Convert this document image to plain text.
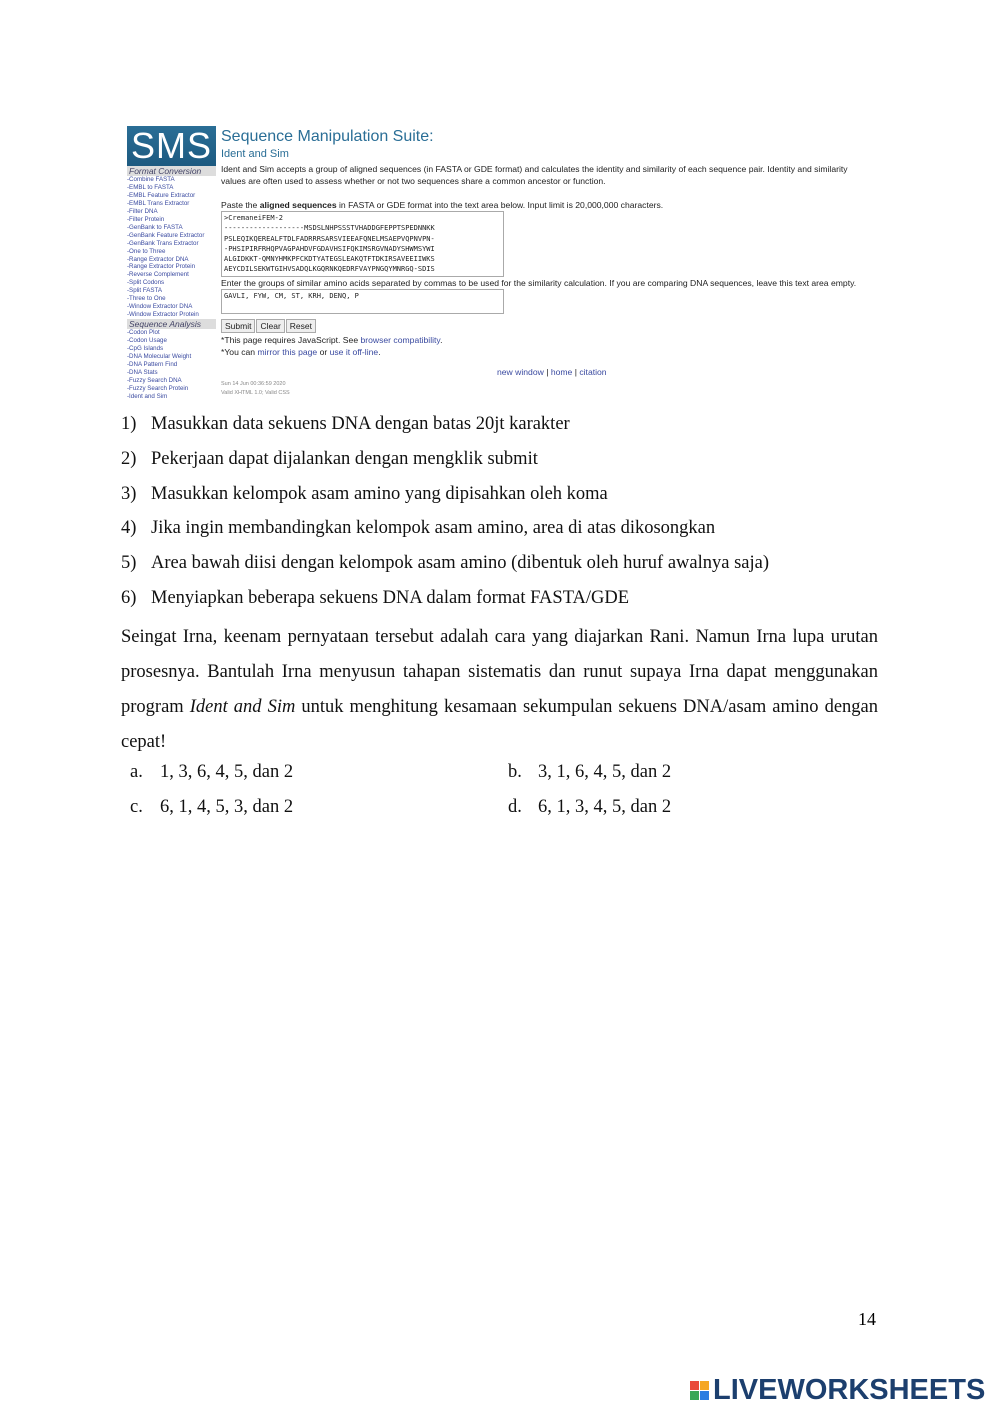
SMS
Format Conversion
-Combine FASTA
-EMBL to FASTA
-EMBL Feature Extractor
-EMBL Trans Extractor
-Filter DNA
-Filter Protein
-GenBank to FASTA
-GenBank Feature Extractor
-GenBank Trans Extractor
-One to Three
-Range Extractor DNA
-Range Extractor Protein
-Reverse Complement
-Split Codons
-Split FASTA
-Three to One
-Window Extractor DNA
-Window Extractor Protein
Sequence Analysis
-Codon Plot
-Codon Usage
-CpG Islands
-DNA Molecular Weight
-DNA Pattern Find
-DNA Stats
-Fuzzy Search DNA
-Fuzzy Search Protein
-Ident and Sim
Sequence Manipulation Suite:
Ident and Sim
Ident and Sim accepts a group of aligned sequences (in FASTA or GDE format) and calculates the identity and similarity of each sequence pair. Identity and similarity values are often used to assess whether or not two sequences share a common ancestor or function.
Paste the aligned sequences in FASTA or GDE format into the text area below. Input limit is 20,000,000 characters.
>CremaneiFEM-2
-------------------MSDSLNHPSSSTVHADDGFEPPTSPEDNNKK
PSLEQIKQEREALFTDLFADRRRSARSVIEEAFQNELMSAEPVQPNVPN-
-PHSIPIRFRHQPVAGPAHDVFGDAVHSIFQKIMSRGVNADYSHWMSYWI
ALGIDKKT-QMNYHMKPFCKDTYATEGSLEAKQTFTDKIRSAVEEIIWKS
AEYCDILSEKWTGIHVSADQLKGQRNKQEDRFVAYPNGQYMNRGQ-SDIS
Enter the groups of similar amino acids separated by commas to be used for the similarity calculation. If you are comparing DNA sequences, leave this text area empty.
GAVLI, FYW, CM, ST, KRH, DENQ, P
Submit Clear Reset
*This page requires JavaScript. See browser compatibility.
*You can mirror this page or use it off-line.
new window | home | citation
Sun 14 Jun 00:36:59 2020
Valid XHTML 1.0; Valid CSS
1) Masukkan data sekuens DNA dengan batas 20jt karakter
2) Pekerjaan dapat dijalankan dengan mengklik submit
3) Masukkan kelompok asam amino yang dipisahkan oleh koma
4) Jika ingin membandingkan kelompok asam amino, area di atas dikosongkan
5) Area bawah diisi dengan kelompok asam amino (dibentuk oleh huruf awalnya saja)
6) Menyiapkan beberapa sekuens DNA dalam format FASTA/GDE
Seingat Irna, keenam pernyataan tersebut adalah cara yang diajarkan Rani. Namun Irna lupa urutan prosesnya. Bantulah Irna menyusun tahapan sistematis dan runut supaya Irna dapat menggunakan program Ident and Sim untuk menghitung kesamaan sekumpulan sekuens DNA/asam amino dengan cepat!
a. 1, 3, 6, 4, 5, dan 2	b. 3, 1, 6, 4, 5, dan 2
c. 6, 1, 4, 5, 3, dan 2	d. 6, 1, 3, 4, 5, dan 2
14
LIVEWORKSHEETS
